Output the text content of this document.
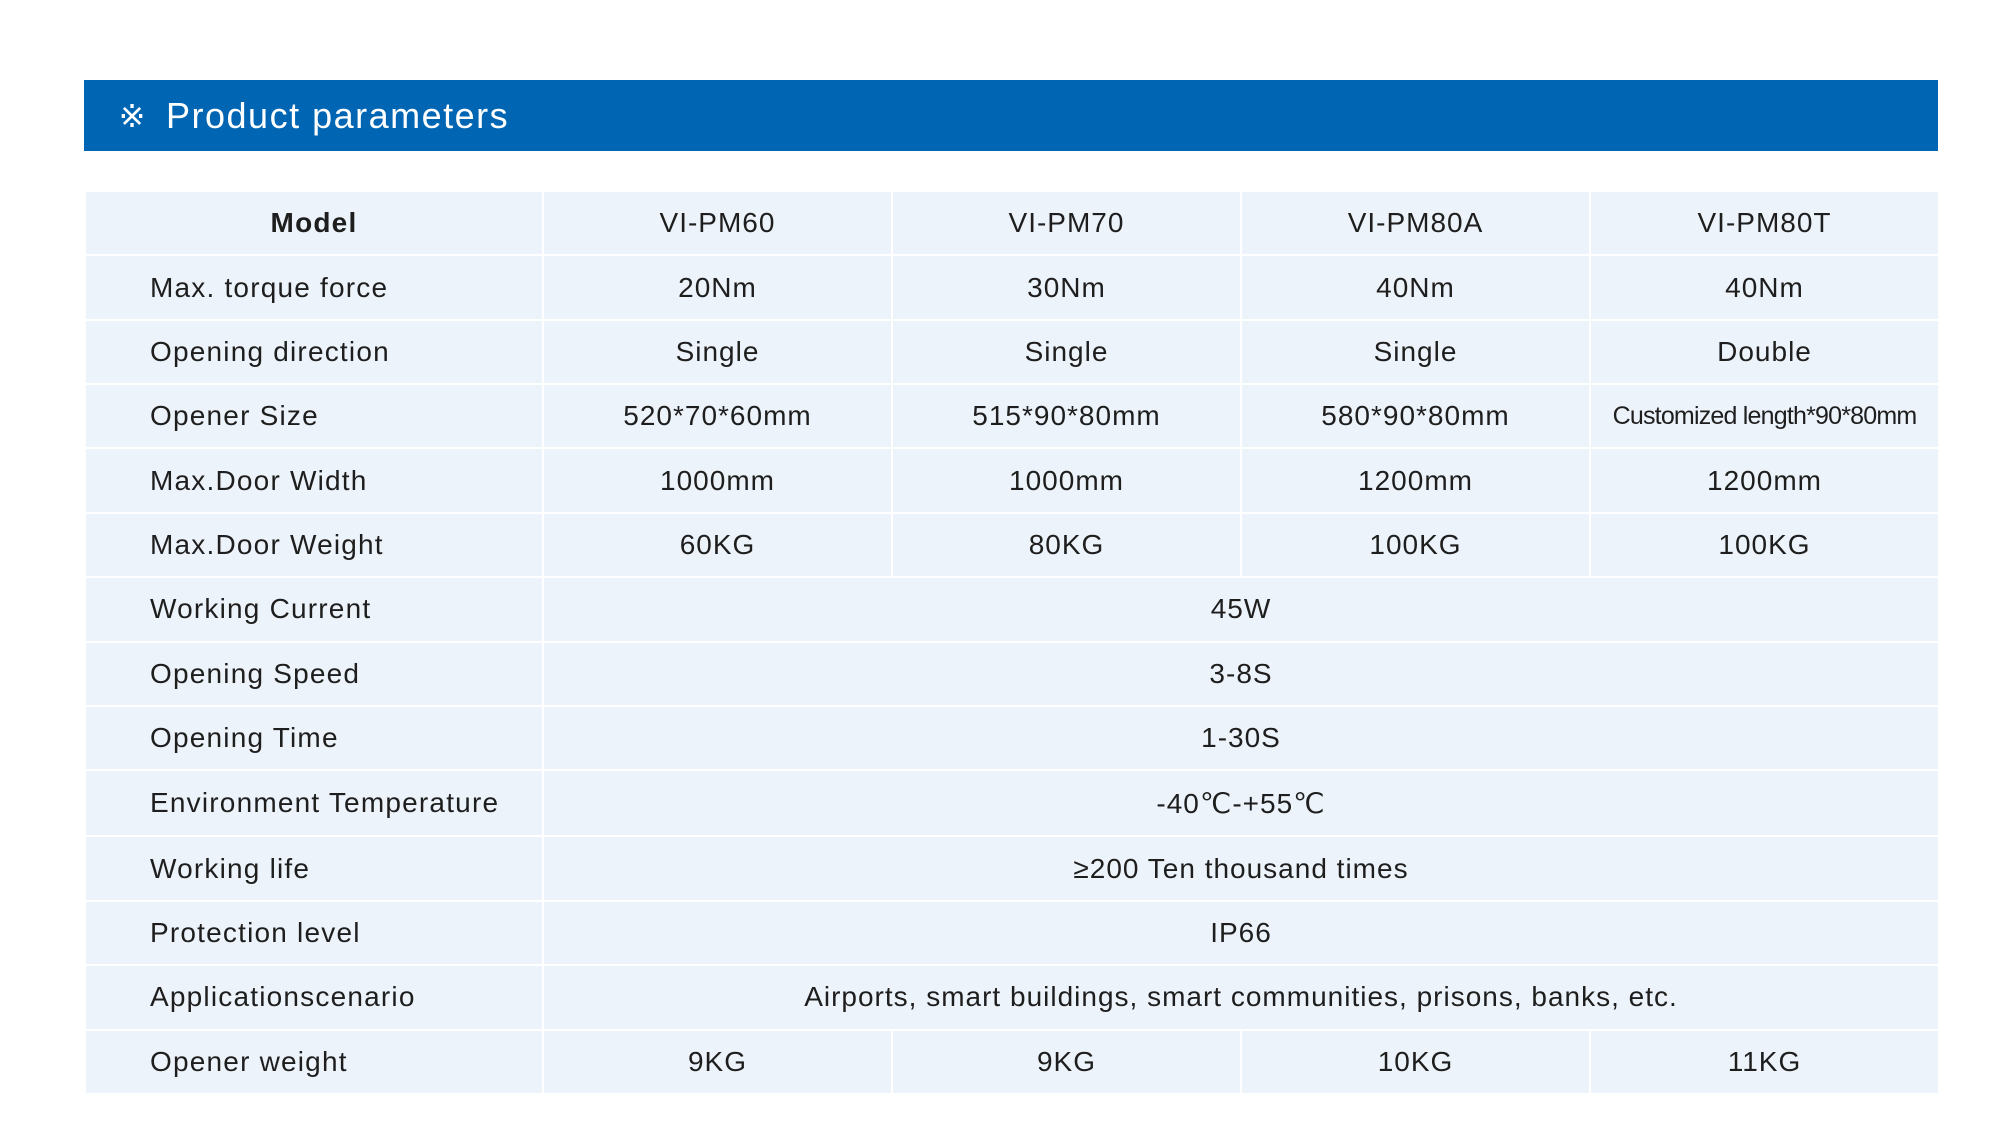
※ Product parameters
Model	VI-PM60	VI-PM70	VI-PM80A	VI-PM80T
Max. torque force	20Nm	30Nm	40Nm	40Nm
Opening direction	Single	Single	Single	Double
Opener Size	520*70*60mm	515*90*80mm	580*90*80mm	Customized length*90*80mm
Max.Door Width	1000mm	1000mm	1200mm	1200mm
Max.Door Weight	60KG	80KG	100KG	100KG
Working Current	45W			
Opening Speed	3-8S			
Opening Time	1-30S			
Environment Temperature	-40℃-+55℃			
Working life	≥200 Ten thousand times			
Protection level	IP66			
Applicationscenario	Airports, smart buildings, smart communities, prisons, banks, etc.			
Opener weight	9KG	9KG	10KG	11KG
